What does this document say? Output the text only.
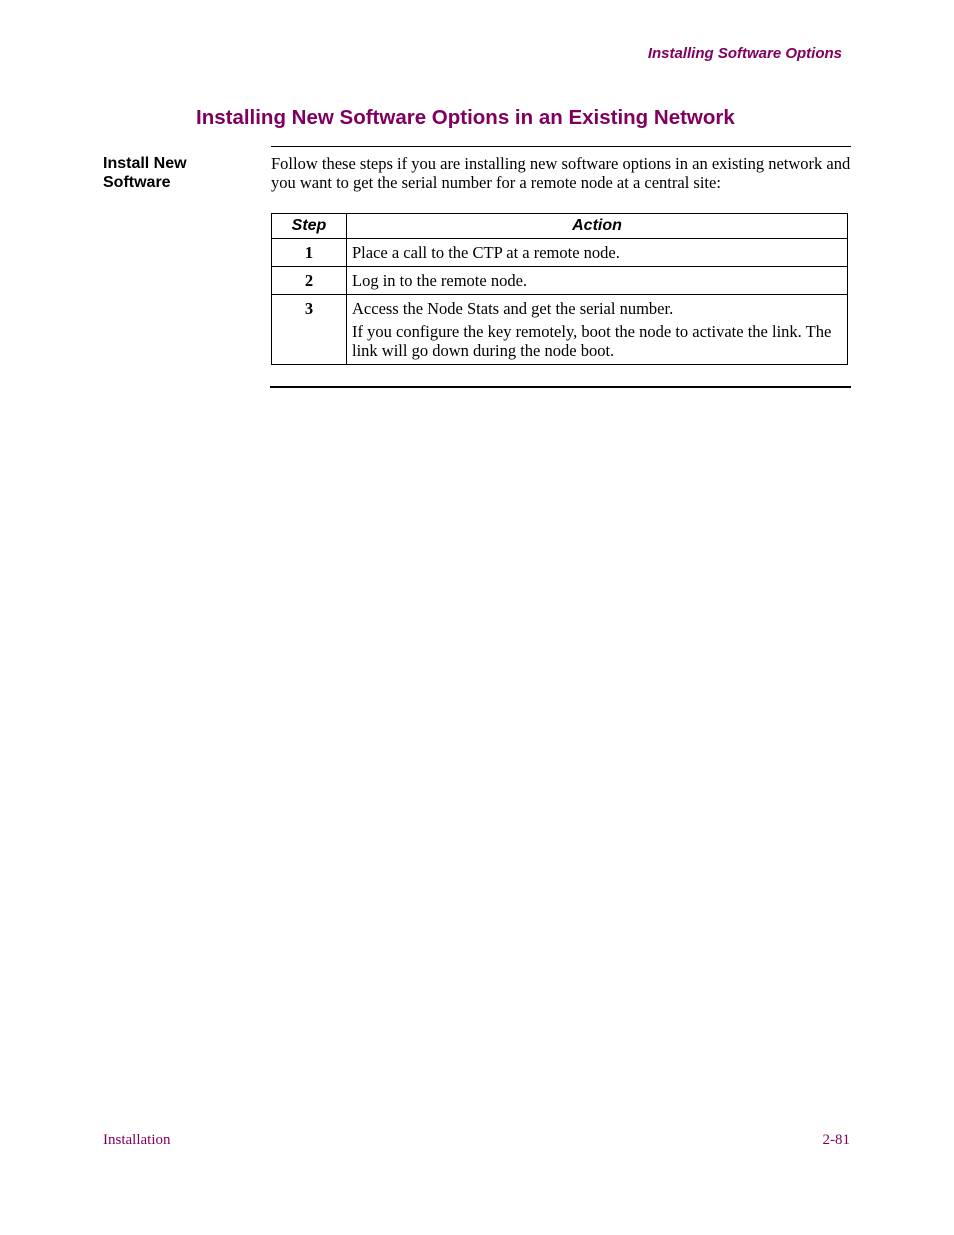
Installing Software Options
Installing New Software Options in an Existing Network
Install New Software

Follow these steps if you are installing new software options in an existing network and you want to get the serial number for a remote node at a central site:

Step	Action
1	Place a call to the CTP at a remote node.

2	Log in to the remote node.

3	Access the Node Stats and get the serial number.

If you configure the key remotely, boot the node to activate the link. The link will go down during the node boot.

Installation	2-81
